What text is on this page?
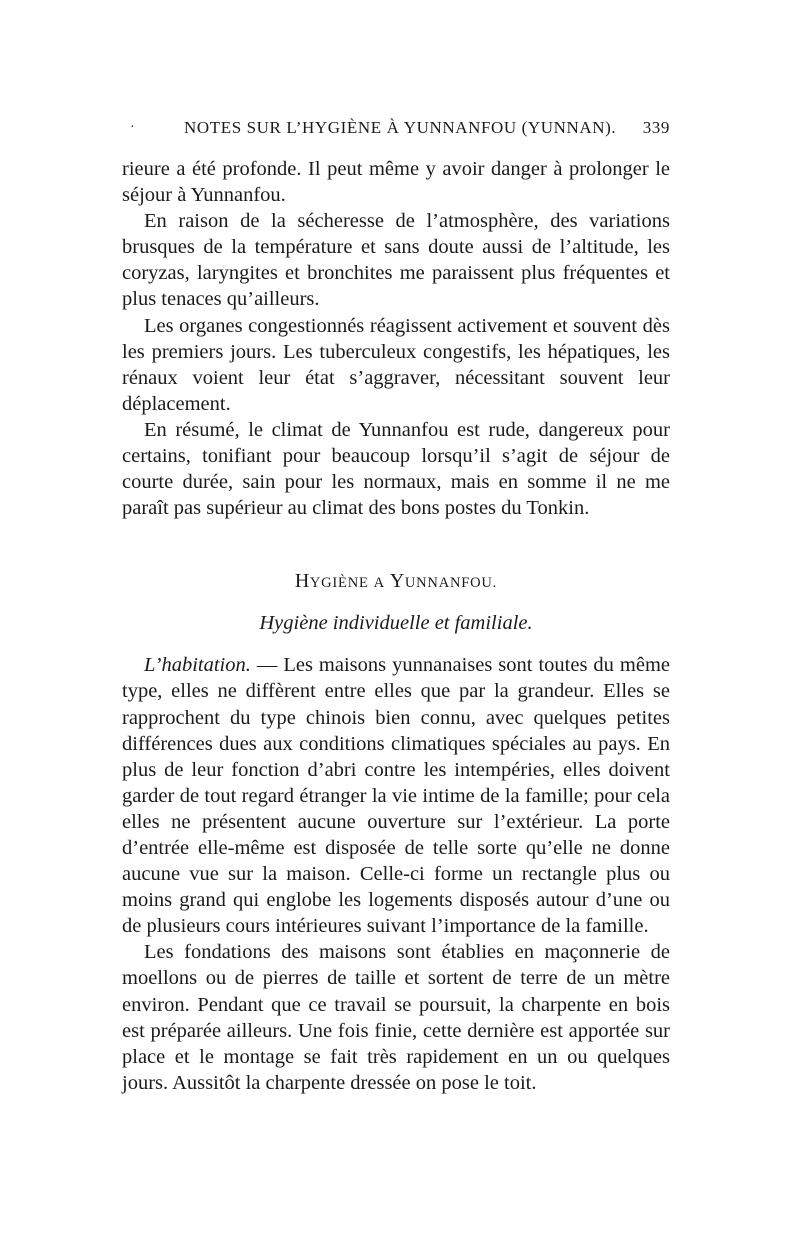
·	NOTES SUR L’HYGIÈNE À YUNNANFOU (YUNNAN). 339

rieure a été profonde. Il peut même y avoir danger à prolonger le séjour à Yunnanfou.

En raison de la sécheresse de l’atmosphère, des variations brusques de la température et sans doute aussi de l’altitude, les coryzas, laryngites et bronchites me paraissent plus fréquentes et plus tenaces qu’ailleurs.

Les organes congestionnés réagissent activement et souvent dès les premiers jours. Les tuberculeux congestifs, les hépatiques, les rénaux voient leur état s’aggraver, nécessitant souvent leur déplacement.

En résumé, le climat de Yunnanfou est rude, dangereux pour certains, tonifiant pour beaucoup lorsqu’il s’agit de séjour de courte durée, sain pour les normaux, mais en somme il ne me paraît pas supérieur au climat des bons postes du Tonkin.

HYGIÈNE A YUNNANFOU.
Hygiène individuelle et familiale.

L’habitation. — Les maisons yunnanaises sont toutes du même type, elles ne diffèrent entre elles que par la grandeur. Elles se rapprochent du type chinois bien connu, avec quelques petites différences dues aux conditions climatiques spéciales au pays. En plus de leur fonction d’abri contre les intempéries, elles doivent garder de tout regard étranger la vie intime de la famille; pour cela elles ne présentent aucune ouverture sur l’extérieur. La porte d’entrée elle-même est disposée de telle sorte qu’elle ne donne aucune vue sur la maison. Celle-ci forme un rectangle plus ou moins grand qui englobe les logements disposés autour d’une ou de plusieurs cours intérieures suivant l’importance de la famille.

Les fondations des maisons sont établies en maçonnerie de moellons ou de pierres de taille et sortent de terre de un mètre environ. Pendant que ce travail se poursuit, la charpente en bois est préparée ailleurs. Une fois finie, cette dernière est apportée sur place et le montage se fait très rapidement en un ou quelques jours. Aussitôt la charpente dressée on pose le toit.
